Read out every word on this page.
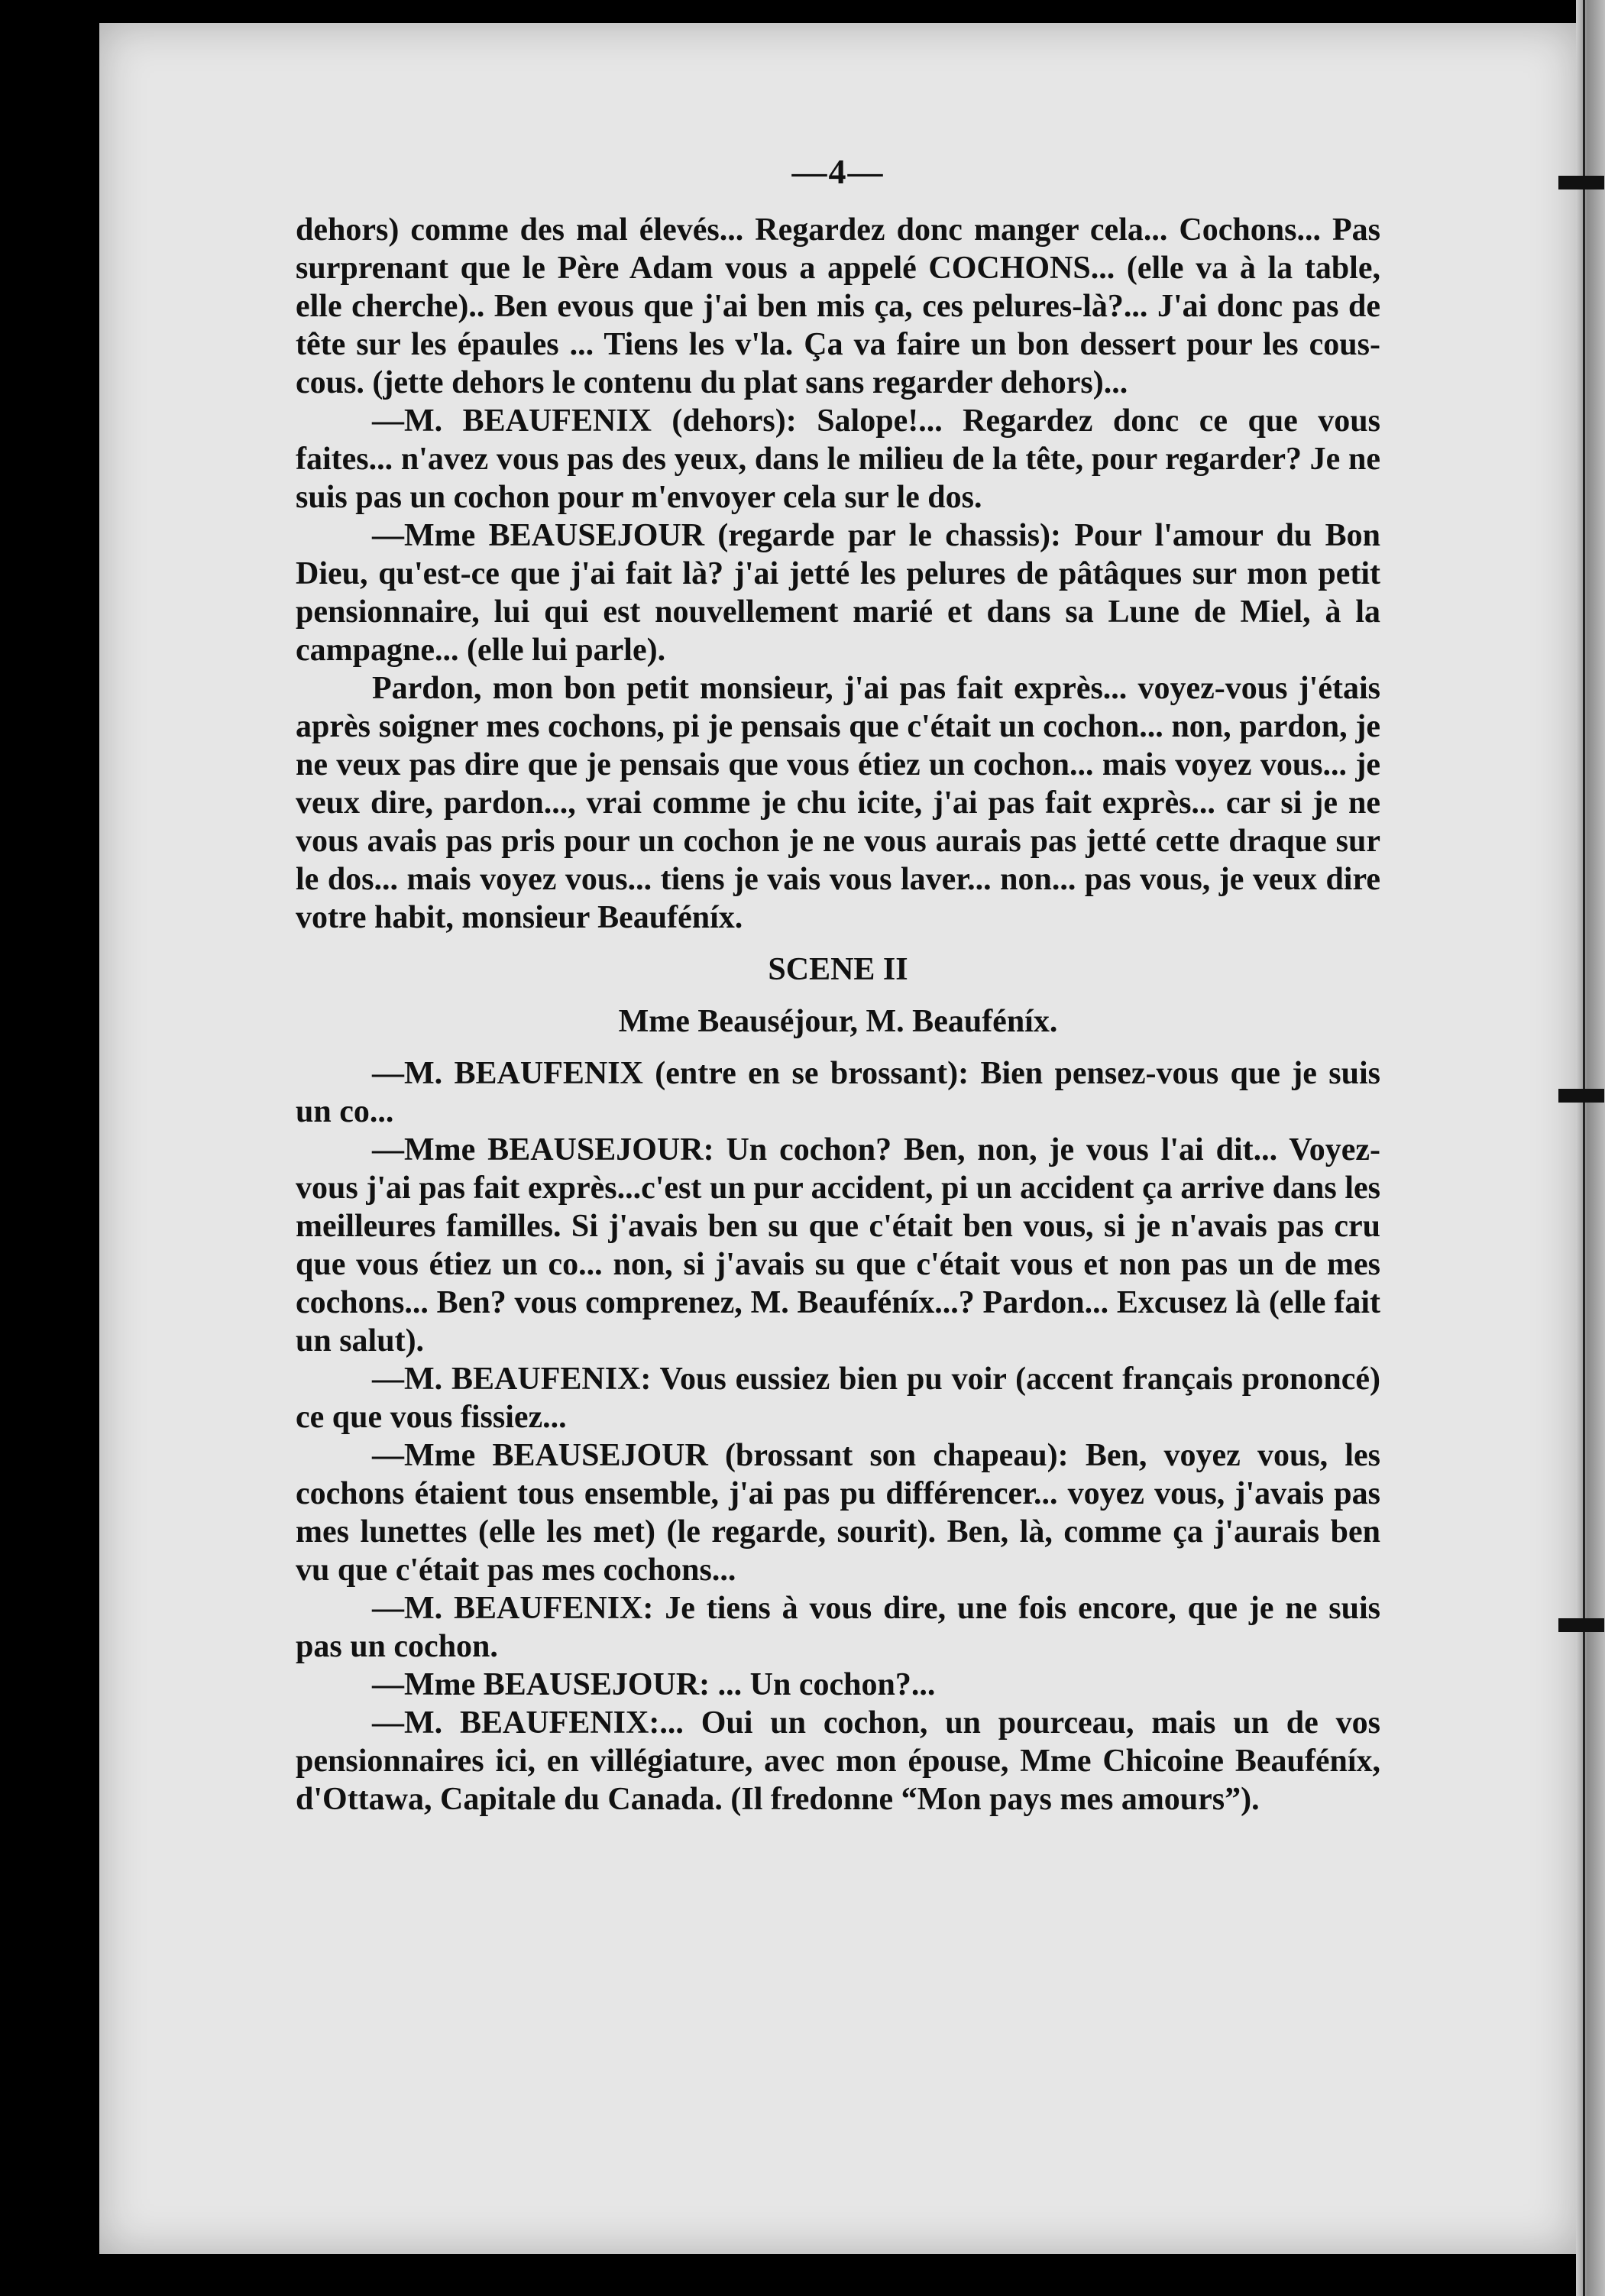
—4—

dehors) comme des mal élevés... Regardez donc manger cela... Cochons... Pas surprenant que le Père Adam vous a appelé COCHONS... (elle va à la table, elle cherche).. Ben evous que j'ai ben mis ça, ces pelures-là?... J'ai donc pas de tête sur les épaules ... Tiens les v'la. Ça va faire un bon dessert pour les cous-cous. (jette dehors le contenu du plat sans regarder dehors)...

—M. BEAUFENIX (dehors): Salope!... Regardez donc ce que vous faites... n'avez vous pas des yeux, dans le milieu de la tête, pour regarder? Je ne suis pas un cochon pour m'envoyer cela sur le dos.

—Mme BEAUSEJOUR (regarde par le chassis): Pour l'amour du Bon Dieu, qu'est-ce que j'ai fait là? j'ai jetté les pelures de pâtâques sur mon petit pensionnaire, lui qui est nouvellement marié et dans sa Lune de Miel, à la campagne... (elle lui parle).

Pardon, mon bon petit monsieur, j'ai pas fait exprès... voyez-vous j'étais après soigner mes cochons, pi je pensais que c'était un cochon... non, pardon, je ne veux pas dire que je pensais que vous étiez un cochon... mais voyez vous... je veux dire, pardon..., vrai comme je chu icite, j'ai pas fait exprès... car si je ne vous avais pas pris pour un cochon je ne vous aurais pas jetté cette draque sur le dos... mais voyez vous... tiens je vais vous laver... non... pas vous, je veux dire votre habit, monsieur Beauféníx.

SCENE II

Mme Beauséjour, M. Beauféníx.

—M. BEAUFENIX (entre en se brossant): Bien pensez-vous que je suis un co...

—Mme BEAUSEJOUR: Un cochon? Ben, non, je vous l'ai dit... Voyez-vous j'ai pas fait exprès...c'est un pur accident, pi un accident ça arrive dans les meilleures familles. Si j'avais ben su que c'était ben vous, si je n'avais pas cru que vous étiez un co... non, si j'avais su que c'était vous et non pas un de mes cochons... Ben? vous comprenez, M. Beauféníx...? Pardon... Excusez là (elle fait un salut).

—M. BEAUFENIX: Vous eussiez bien pu voir (accent français prononcé) ce que vous fissiez...

—Mme BEAUSEJOUR (brossant son chapeau): Ben, voyez vous, les cochons étaient tous ensemble, j'ai pas pu différencer... voyez vous, j'avais pas mes lunettes (elle les met) (le regarde, sourit). Ben, là, comme ça j'aurais ben vu que c'était pas mes cochons...

—M. BEAUFENIX: Je tiens à vous dire, une fois encore, que je ne suis pas un cochon.

—Mme BEAUSEJOUR: ... Un cochon?...

—M. BEAUFENIX:... Oui un cochon, un pourceau, mais un de vos pensionnaires ici, en villégiature, avec mon épouse, Mme Chicoine Beauféníx, d'Ottawa, Capitale du Canada. (Il fredonne “Mon pays mes amours”).
